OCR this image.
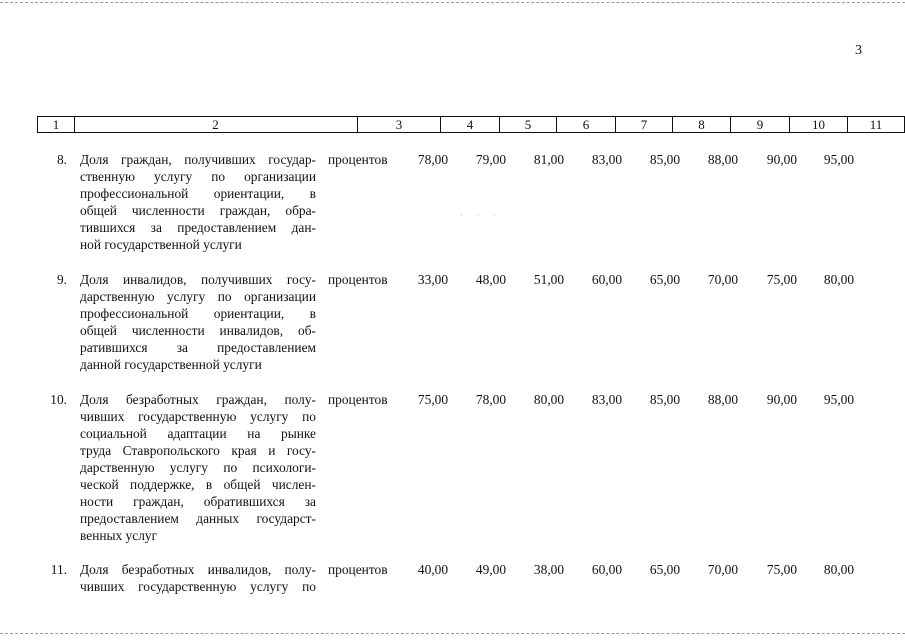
3
1	2	3	4	5	6	7	8	9	10	11
8. Доля граждан, получивших государ-
ственную услугу по организации
профессиональной ориентации, в
общей численности граждан, обра-
тившихся за предоставлением дан-
ной государственной услуги
процентов	78,00	79,00	81,00	83,00	85,00	88,00	90,00	95,00
· · ·
9. Доля инвалидов, получивших госу-
дарственную услугу по организации
профессиональной ориентации, в
общей численности инвалидов, об-
ратившихся за предоставлением
данной государственной услуги
процентов	33,00	48,00	51,00	60,00	65,00	70,00	75,00	80,00
10. Доля безработных граждан, полу-
чивших государственную услугу по
социальной адаптации на рынке
труда Ставропольского края и госу-
дарственную услугу по психологи-
ческой поддержке, в общей числен-
ности граждан, обратившихся за
предоставлением данных государст-
венных услуг
процентов	75,00	78,00	80,00	83,00	85,00	88,00	90,00	95,00
11. Доля безработных инвалидов, полу-
чивших государственную услугу по
процентов	40,00	49,00	38,00	60,00	65,00	70,00	75,00	80,00
